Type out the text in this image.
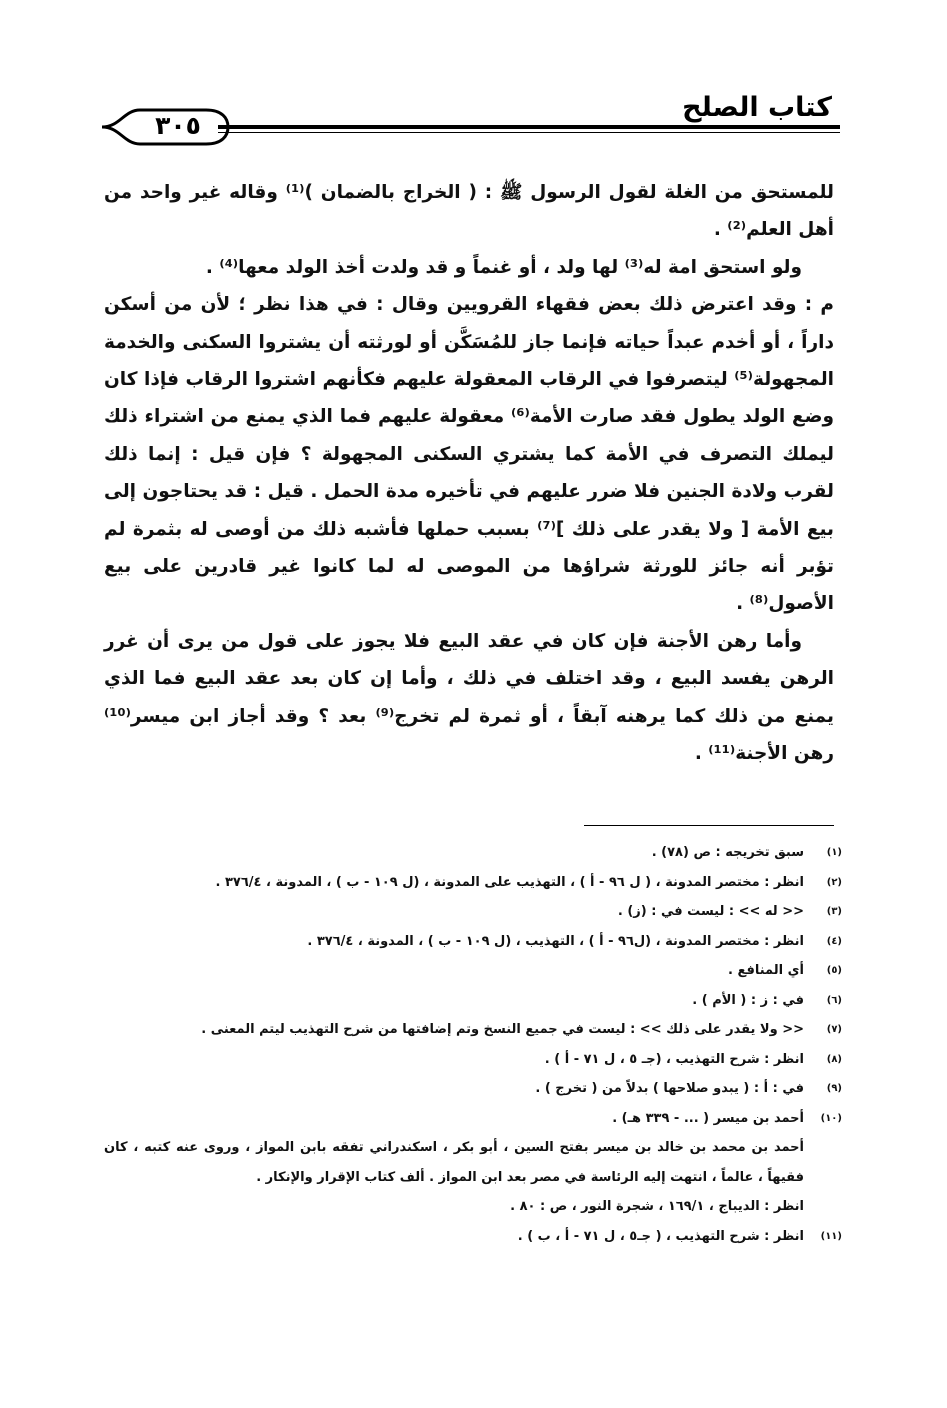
كتاب الصلح
٣٠٥

للمستحق من الغلة لقول الرسول ﷺ : ( الخراج بالضمان )⁽¹⁾ وقاله غير واحد من أهل العلم⁽²⁾ .

ولو استحق امة له⁽³⁾ لها ولد ، أو غنماً و قد ولدت أخذ الولد معها⁽⁴⁾ .

م : وقد اعترض ذلك بعض فقهاء القرويين وقال : في هذا نظر ؛ لأن من أسكن داراً ، أو أخدم عبداً حياته فإنما جاز للمُسَكَّن أو لورثته أن يشتروا السكنى والخدمة المجهولة⁽⁵⁾ ليتصرفوا في الرقاب المعقولة عليهم فكأنهم اشتروا الرقاب فإذا كان وضع الولد يطول فقد صارت الأمة⁽⁶⁾ معقولة عليهم فما الذي يمنع من اشتراء ذلك ليملك التصرف في الأمة كما يشتري السكنى المجهولة ؟ فإن قيل : إنما ذلك لقرب ولادة الجنين فلا ضرر عليهم في تأخيره مدة الحمل . قيل : قد يحتاجون إلى بيع الأمة [ ولا يقدر على ذلك ]⁽⁷⁾ بسبب حملها فأشبه ذلك من أوصى له بثمرة لم تؤبر أنه جائز للورثة شراؤها من الموصى له لما كانوا غير قادرين على بيع الأصول⁽⁸⁾ .

وأما رهن الأجنة فإن كان في عقد البيع فلا يجوز على قول من يرى أن غرر الرهن يفسد البيع ، وقد اختلف في ذلك ، وأما إن كان بعد عقد البيع فما الذي يمنع من ذلك كما يرهنه آبقاً ، أو ثمرة لم تخرج⁽⁹⁾ بعد ؟ وقد أجاز ابن ميسر⁽¹⁰⁾ رهن الأجنة⁽¹¹⁾ .

(١)
سبق تخريجه : ص (٧٨) .
(٢)
انظر : مختصر المدونة ، ( ل ٩٦ - أ ) ، التهذيب على المدونة ، (ل ١٠٩ - ب ) ، المدونة ، ٣٧٦/٤ .
(٣)
<< له >> : ليست في : (ز) .
(٤)
انظر : مختصر المدونة ، (ل٩٦ - أ ) ، التهذيب ، (ل ١٠٩ - ب ) ، المدونة ، ٣٧٦/٤ .
(٥)
أي المنافع .
(٦)
في : ز : ( الأم ) .
(٧)
<< ولا يقدر على ذلك >> : ليست في جميع النسخ وتم إضافتها من شرح التهذيب ليتم المعنى .
(٨)
انظر : شرح التهذيب ، (جـ ٥ ، ل ٧١ - أ ) .
(٩)
في : أ : ( يبدو صلاحها ) بدلاً من ( تخرج ) .
(١٠)
أحمد بن ميسر ( ... - ٣٣٩ هـ) .
أحمد بن محمد بن خالد بن ميسر بفتح السين ، أبو بكر ، اسكندراني تفقه بابن المواز ، وروى عنه كتبه ، كان فقيهاً ، عالماً ، انتهت إليه الرئاسة في مصر بعد ابن المواز . ألف كتاب الإقرار والإنكار .
انظر : الديباج ، ١٦٩/١ ، شجرة النور ، ص : ٨٠ .
(١١)
انظر : شرح التهذيب ، ( جـ٥ ، ل ٧١ - أ ، ب ) .
